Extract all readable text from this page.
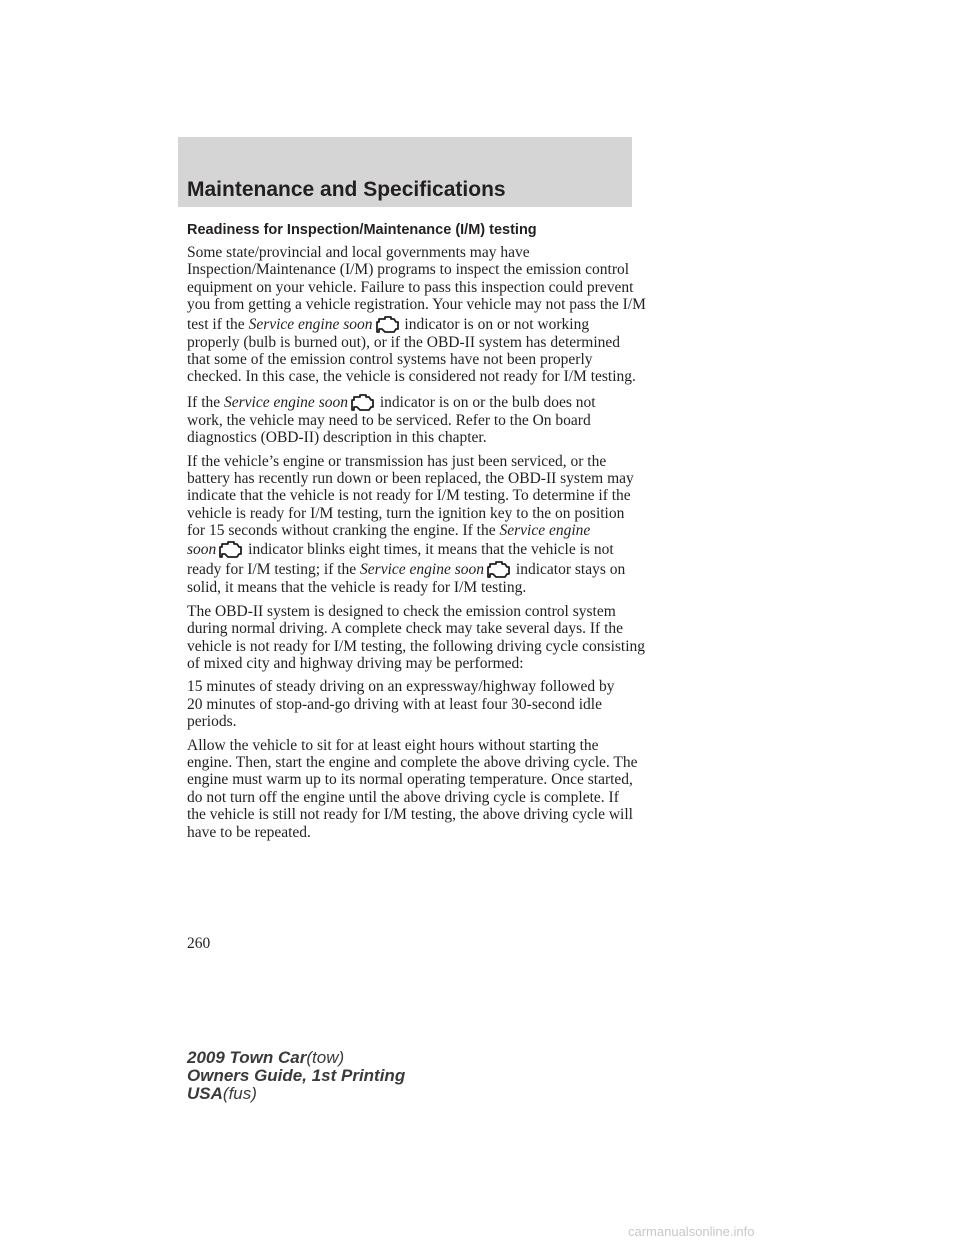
Maintenance and Specifications
Readiness for Inspection/Maintenance (I/M) testing
Some state/provincial and local governments may have
Inspection/Maintenance (I/M) programs to inspect the emission control
equipment on your vehicle. Failure to pass this inspection could prevent
you from getting a vehicle registration. Your vehicle may not pass the I/M
test if the Service engine soon
indicator is on or not working
properly (bulb is burned out), or if the OBD-II system has determined
that some of the emission control systems have not been properly
checked. In this case, the vehicle is considered not ready for I/M testing.
If the Service engine soon
indicator is on or the bulb does not
work, the vehicle may need to be serviced. Refer to the On board
diagnostics (OBD-II) description in this chapter.
If the vehicle’s engine or transmission has just been serviced, or the
battery has recently run down or been replaced, the OBD-II system may
indicate that the vehicle is not ready for I/M testing. To determine if the
vehicle is ready for I/M testing, turn the ignition key to the on position
for 15 seconds without cranking the engine. If the Service engine
soon
indicator blinks eight times, it means that the vehicle is not
ready for I/M testing; if the Service engine soon
indicator stays on
solid, it means that the vehicle is ready for I/M testing.
The OBD-II system is designed to check the emission control system
during normal driving. A complete check may take several days. If the
vehicle is not ready for I/M testing, the following driving cycle consisting
of mixed city and highway driving may be performed:
15 minutes of steady driving on an expressway/highway followed by
20 minutes of stop-and-go driving with at least four 30-second idle
periods.
Allow the vehicle to sit for at least eight hours without starting the
engine. Then, start the engine and complete the above driving cycle. The
engine must warm up to its normal operating temperature. Once started,
do not turn off the engine until the above driving cycle is complete. If
the vehicle is still not ready for I/M testing, the above driving cycle will
have to be repeated.
260
2009 Town Car(tow)
Owners Guide, 1st Printing
USA(fus)
carmanualsonline.info
